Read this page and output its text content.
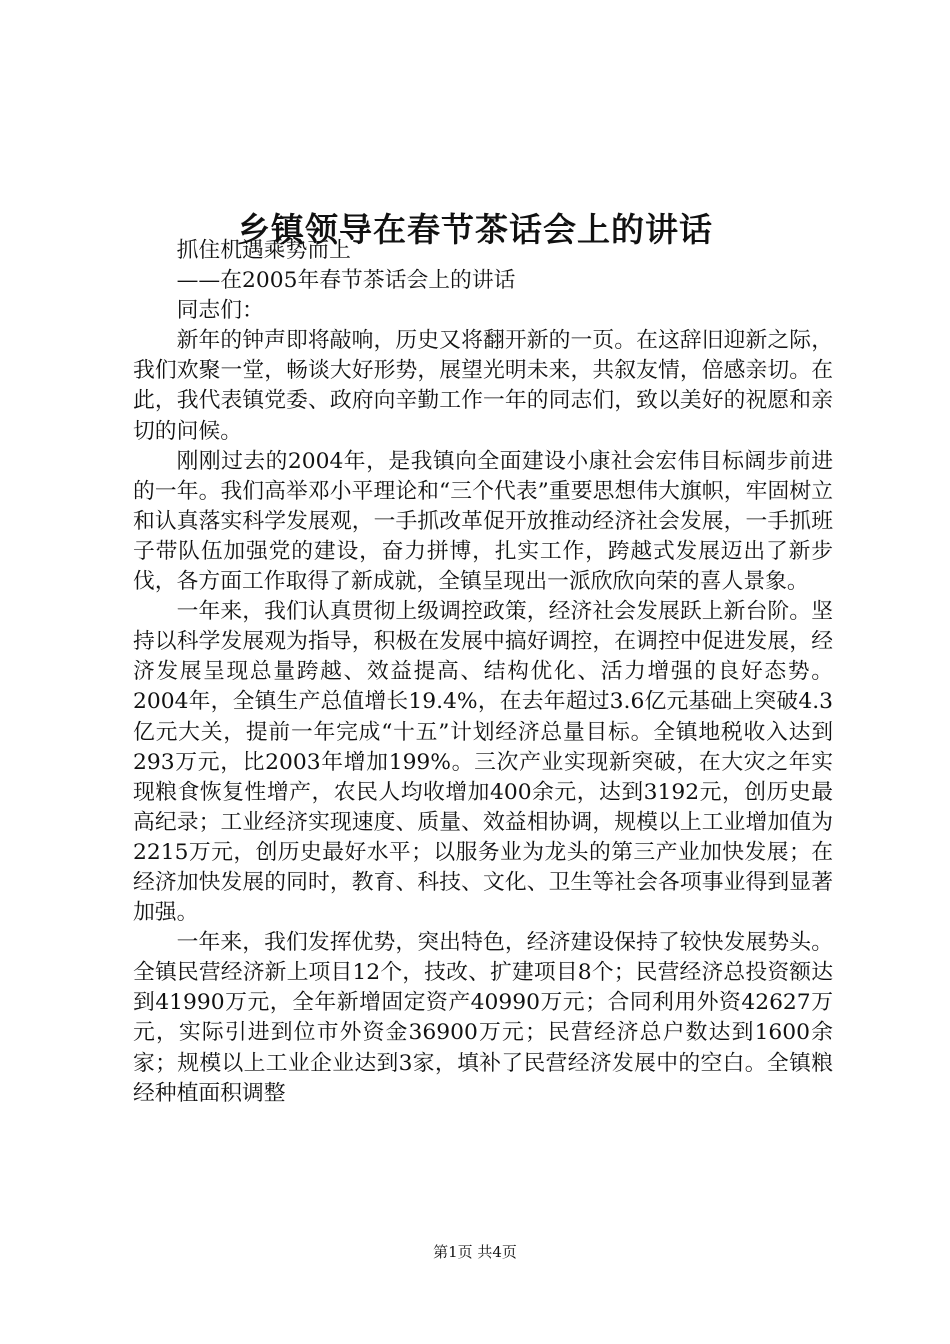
乡镇领导在春节茶话会上的讲话

抓住机遇乘势而上

——在2005年春节茶话会上的讲话

同志们：

新年的钟声即将敲响，历史又将翻开新的一页。在这辞旧迎新之际，我们欢聚一堂，畅谈大好形势，展望光明未来，共叙友情，倍感亲切。在此，我代表镇党委、政府向辛勤工作一年的同志们，致以美好的祝愿和亲切的问候。

刚刚过去的2004年，是我镇向全面建设小康社会宏伟目标阔步前进的一年。我们高举邓小平理论和“三个代表”重要思想伟大旗帜，牢固树立和认真落实科学发展观，一手抓改革促开放推动经济社会发展，一手抓班子带队伍加强党的建设，奋力拼博，扎实工作，跨越式发展迈出了新步伐，各方面工作取得了新成就，全镇呈现出一派欣欣向荣的喜人景象。

一年来，我们认真贯彻上级调控政策，经济社会发展跃上新台阶。坚持以科学发展观为指导，积极在发展中搞好调控，在调控中促进发展，经济发展呈现总量跨越、效益提高、结构优化、活力增强的良好态势。2004年，全镇生产总值增长19.4%，在去年超过3.6亿元基础上突破4.3亿元大关，提前一年完成“十五”计划经济总量目标。全镇地税收入达到293万元，比2003年增加199%。三次产业实现新突破，在大灾之年实现粮食恢复性增产，农民人均收增加400余元，达到3192元，创历史最高纪录；工业经济实现速度、质量、效益相协调，规模以上工业增加值为2215万元，创历史最好水平；以服务业为龙头的第三产业加快发展；在经济加快发展的同时，教育、科技、文化、卫生等社会各项事业得到显著加强。

一年来，我们发挥优势，突出特色，经济建设保持了较快发展势头。全镇民营经济新上项目12个，技改、扩建项目8个；民营经济总投资额达到41990万元，全年新增固定资产40990万元；合同利用外资42627万元，实际引进到位市外资金36900万元；民营经济总户数达到1600余家；规模以上工业企业达到3家，填补了民营经济发展中的空白。全镇粮经种植面积调整

第1页 共4页
